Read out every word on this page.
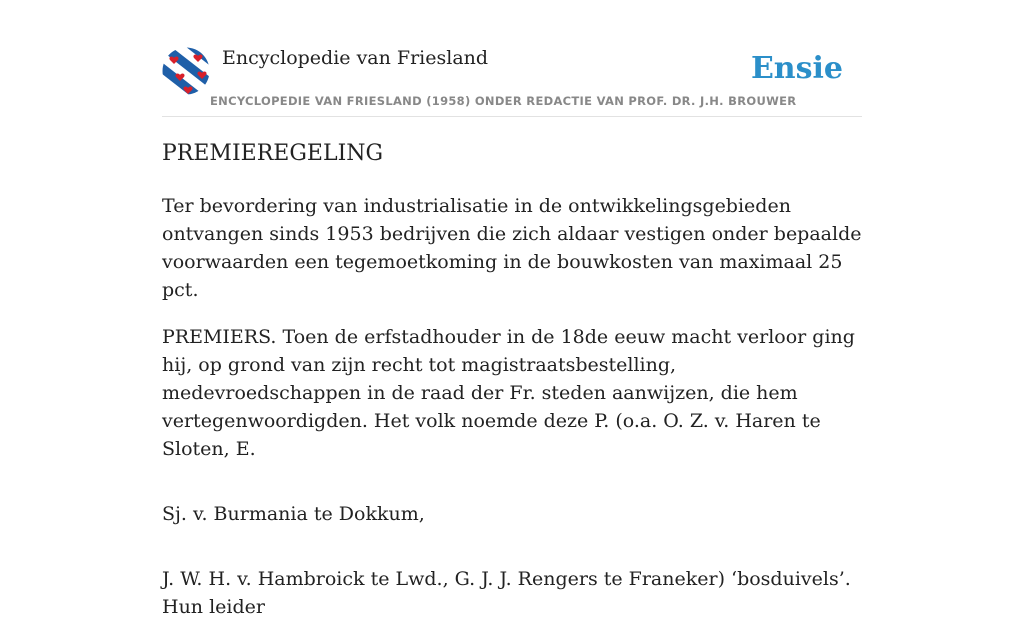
Encyclopedie van Friesland	Ensie
ENCYCLOPEDIE VAN FRIESLAND (1958) ONDER REDACTIE VAN PROF. DR. J.H. BROUWER
PREMIEREGELING

Ter bevordering van industrialisatie in de ontwikkelingsgebieden ontvangen sinds 1953 bedrijven die zich aldaar vestigen onder bepaalde voorwaarden een tegemoetkoming in de bouwkosten van maximaal 25 pct.

PREMIERS. Toen de erfstadhouder in de 18de eeuw macht verloor ging hij, op grond van zijn recht tot magistraatsbestelling, medevroedschappen in de raad der Fr. steden aanwijzen, die hem vertegenwoordigden. Het volk noemde deze P. (o.a. O. Z. v. Haren te Sloten, E.

Sj. v. Burmania te Dokkum,

J. W. H. v. Hambroick te Lwd., G. J. J. Rengers te Franeker) ‘bosduivels’. Hun leider
